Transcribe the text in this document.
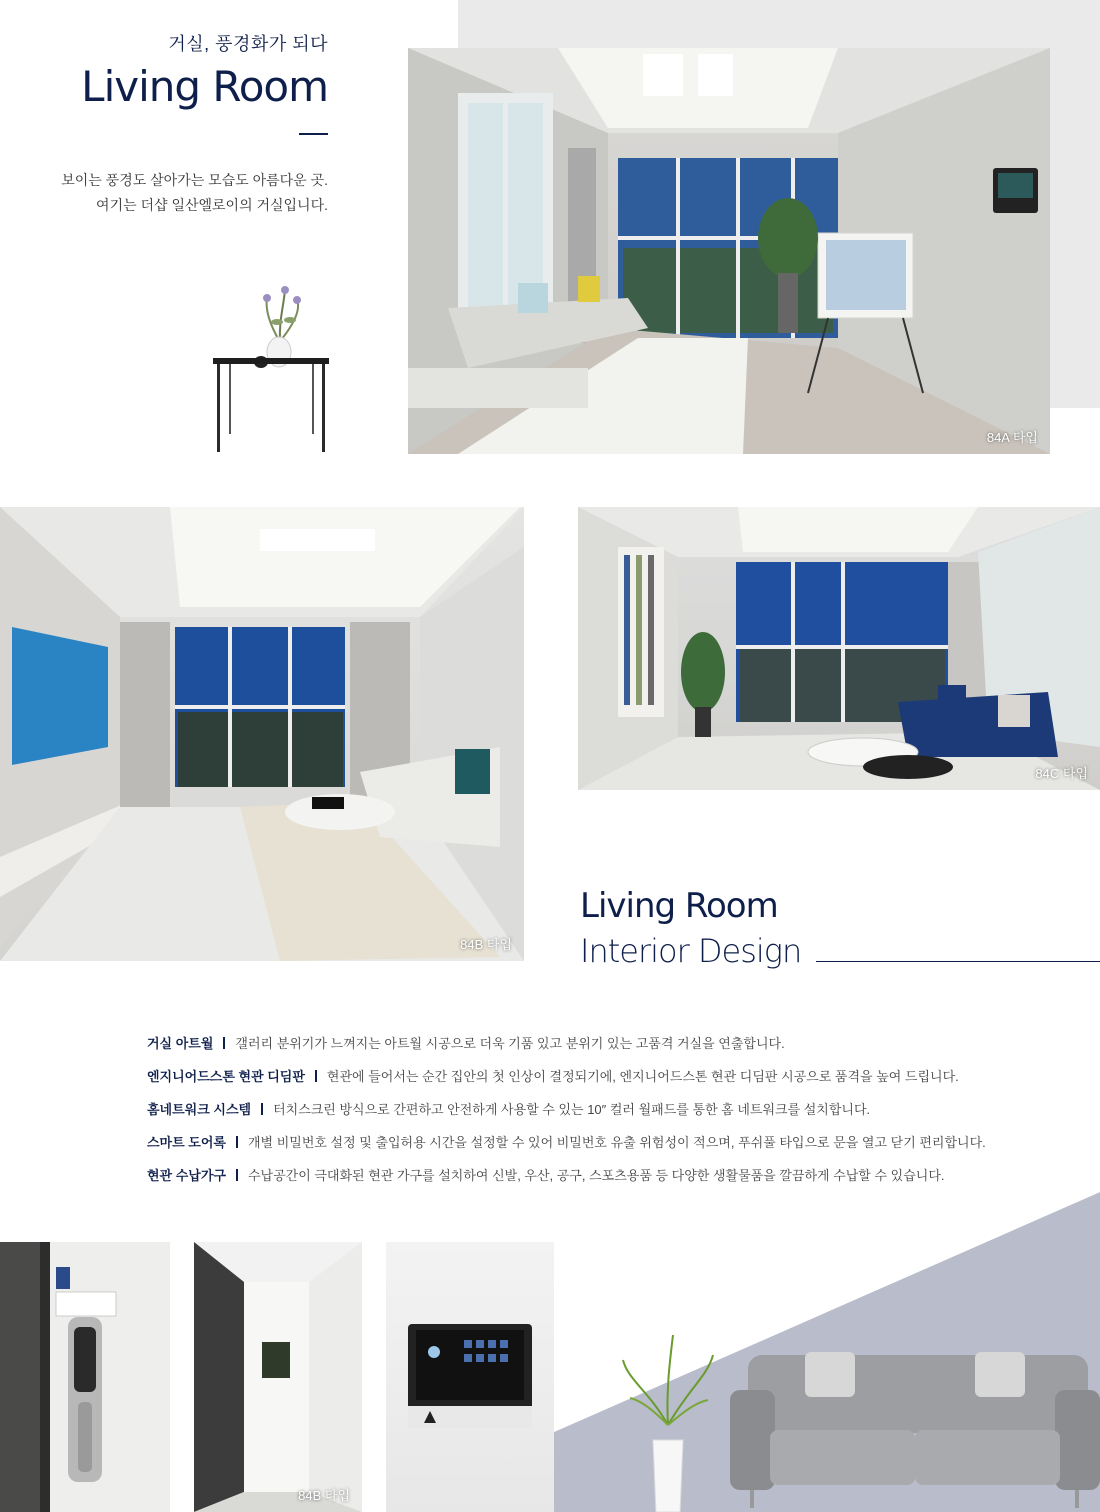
거실, 풍경화가 되다
Living Room
보이는 풍경도 살아가는 모습도 아름다운 곳.
여기는 더샵 일산엘로이의 거실입니다.
84A 타입
84B 타입
84C 타입
Living Room
Interior Design
거실 아트월 갤러리 분위기가 느껴지는 아트월 시공으로 더욱 기품 있고 분위기 있는 고품격 거실을 연출합니다.
엔지니어드스톤 현관 디딤판 현관에 들어서는 순간 집안의 첫 인상이 결정되기에, 엔지니어드스톤 현관 디딤판 시공으로 품격을 높여 드립니다.
홈네트워크 시스템 터치스크린 방식으로 간편하고 안전하게 사용할 수 있는 10″ 컬러 월패드를 통한 홈 네트워크를 설치합니다.
스마트 도어록 개별 비밀번호 설정 및 출입허용 시간을 설정할 수 있어 비밀번호 유출 위험성이 적으며, 푸쉬풀 타입으로 문을 열고 닫기 편리합니다.
현관 수납가구 수납공간이 극대화된 현관 가구를 설치하여 신발, 우산, 공구, 스포츠용품 등 다양한 생활물품을 깔끔하게 수납할 수 있습니다.
84B 타입
